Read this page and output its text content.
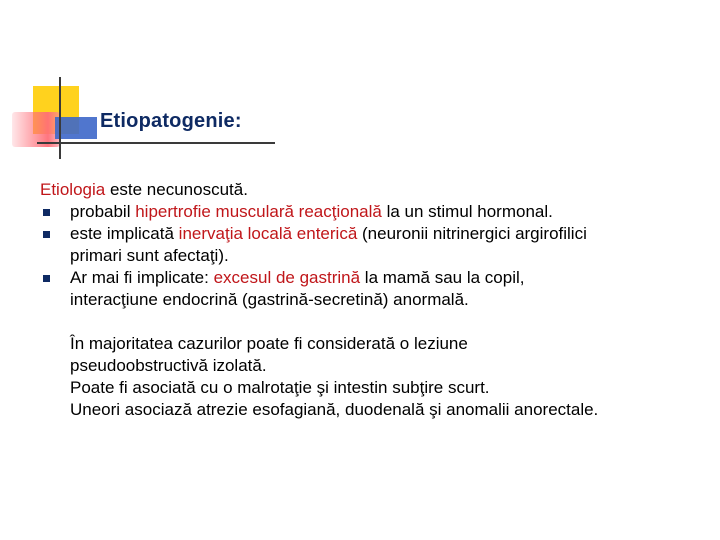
Etiopatogenie:
Etiologia este necunoscută.
probabil hipertrofie musculară reacţională la un stimul hormonal.
este implicată inervaţia locală enterică (neuronii nitrinergici argirofilici
primari sunt afectaţi).
Ar mai fi implicate: excesul de gastrină la mamă sau la copil,
interacţiune endocrină (gastrină-secretină) anormală.
În majoritatea cazurilor poate fi considerată o leziune
pseudoobstructivă izolată.
Poate fi asociată cu o malrotaţie şi intestin subţire scurt.
Uneori asociază atrezie esofagiană, duodenală şi anomalii anorectale.
